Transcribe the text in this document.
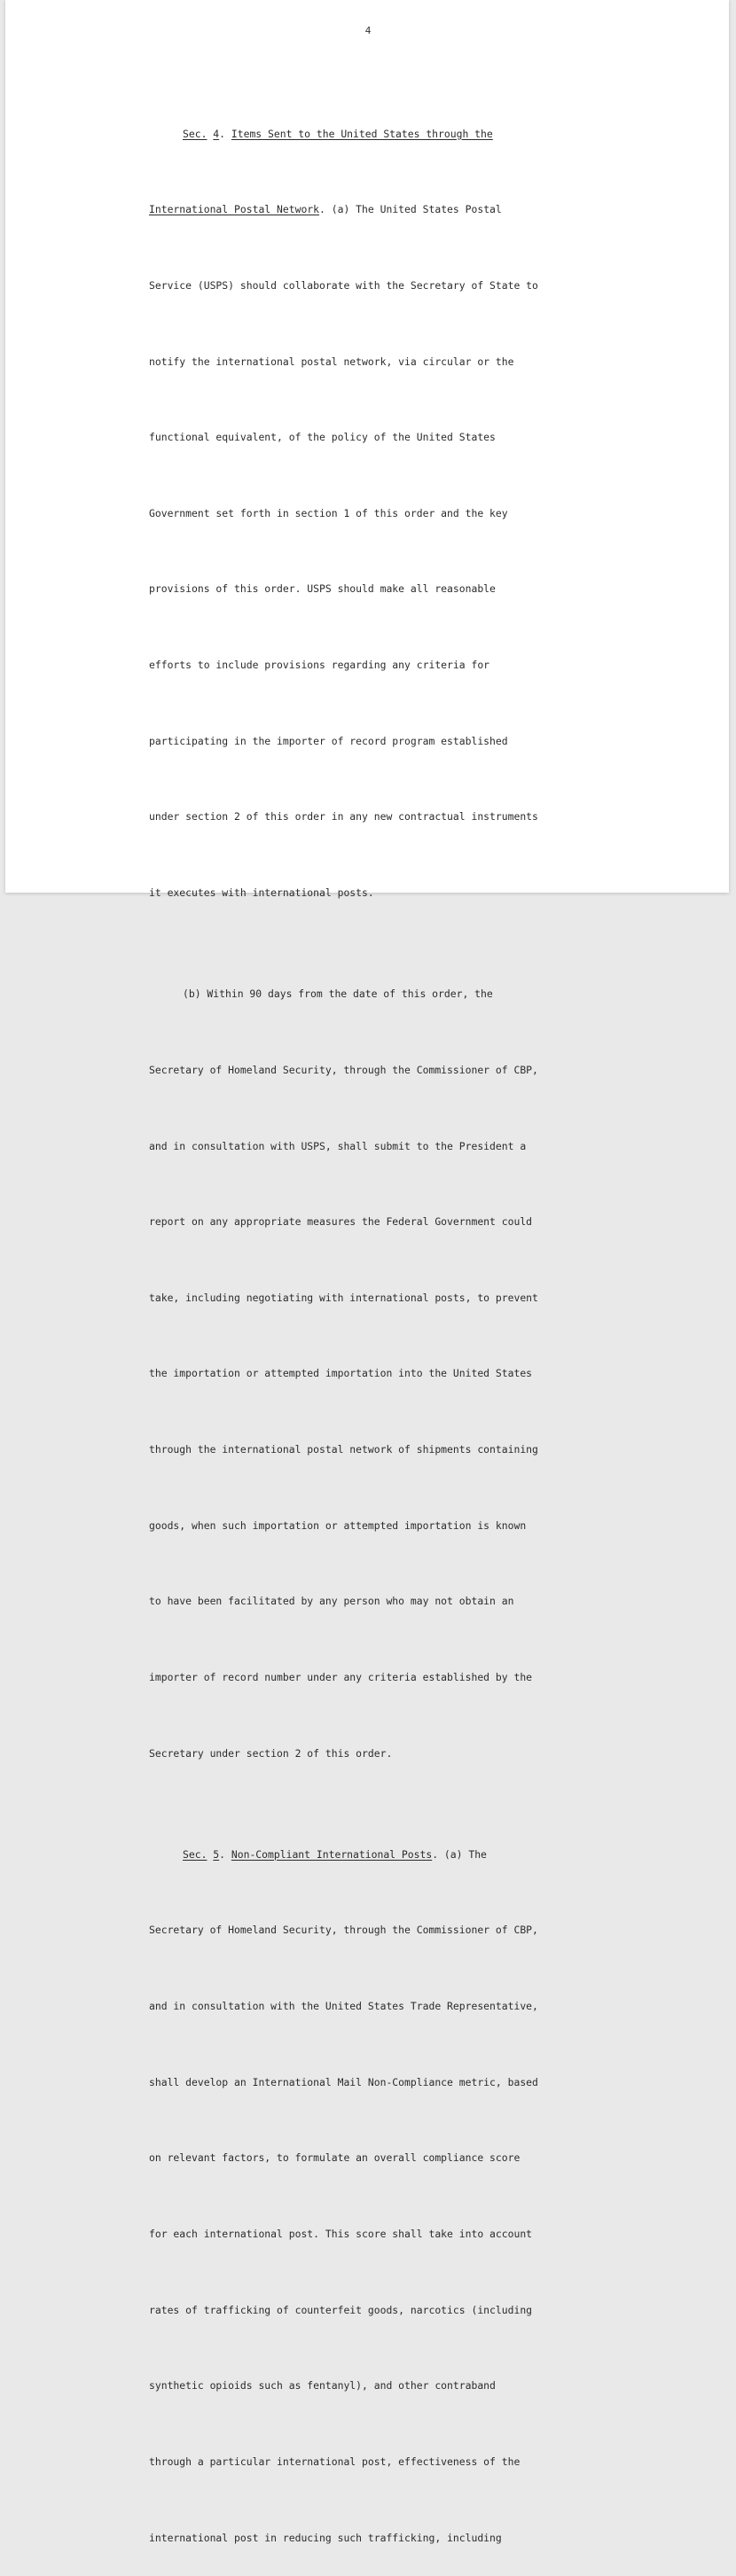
4

Sec. 4. Items Sent to the United States through the

International Postal Network. (a) The United States Postal

Service (USPS) should collaborate with the Secretary of State to

notify the international postal network, via circular or the

functional equivalent, of the policy of the United States

Government set forth in section 1 of this order and the key

provisions of this order. USPS should make all reasonable

efforts to include provisions regarding any criteria for

participating in the importer of record program established

under section 2 of this order in any new contractual instruments

it executes with international posts.

(b) Within 90 days from the date of this order, the

Secretary of Homeland Security, through the Commissioner of CBP,

and in consultation with USPS, shall submit to the President a

report on any appropriate measures the Federal Government could

take, including negotiating with international posts, to prevent

the importation or attempted importation into the United States

through the international postal network of shipments containing

goods, when such importation or attempted importation is known

to have been facilitated by any person who may not obtain an

importer of record number under any criteria established by the

Secretary under section 2 of this order.

Sec. 5. Non-Compliant International Posts. (a) The

Secretary of Homeland Security, through the Commissioner of CBP,

and in consultation with the United States Trade Representative,

shall develop an International Mail Non-Compliance metric, based

on relevant factors, to formulate an overall compliance score

for each international post. This score shall take into account

rates of trafficking of counterfeit goods, narcotics (including

synthetic opioids such as fentanyl), and other contraband

through a particular international post, effectiveness of the

international post in reducing such trafficking, including
